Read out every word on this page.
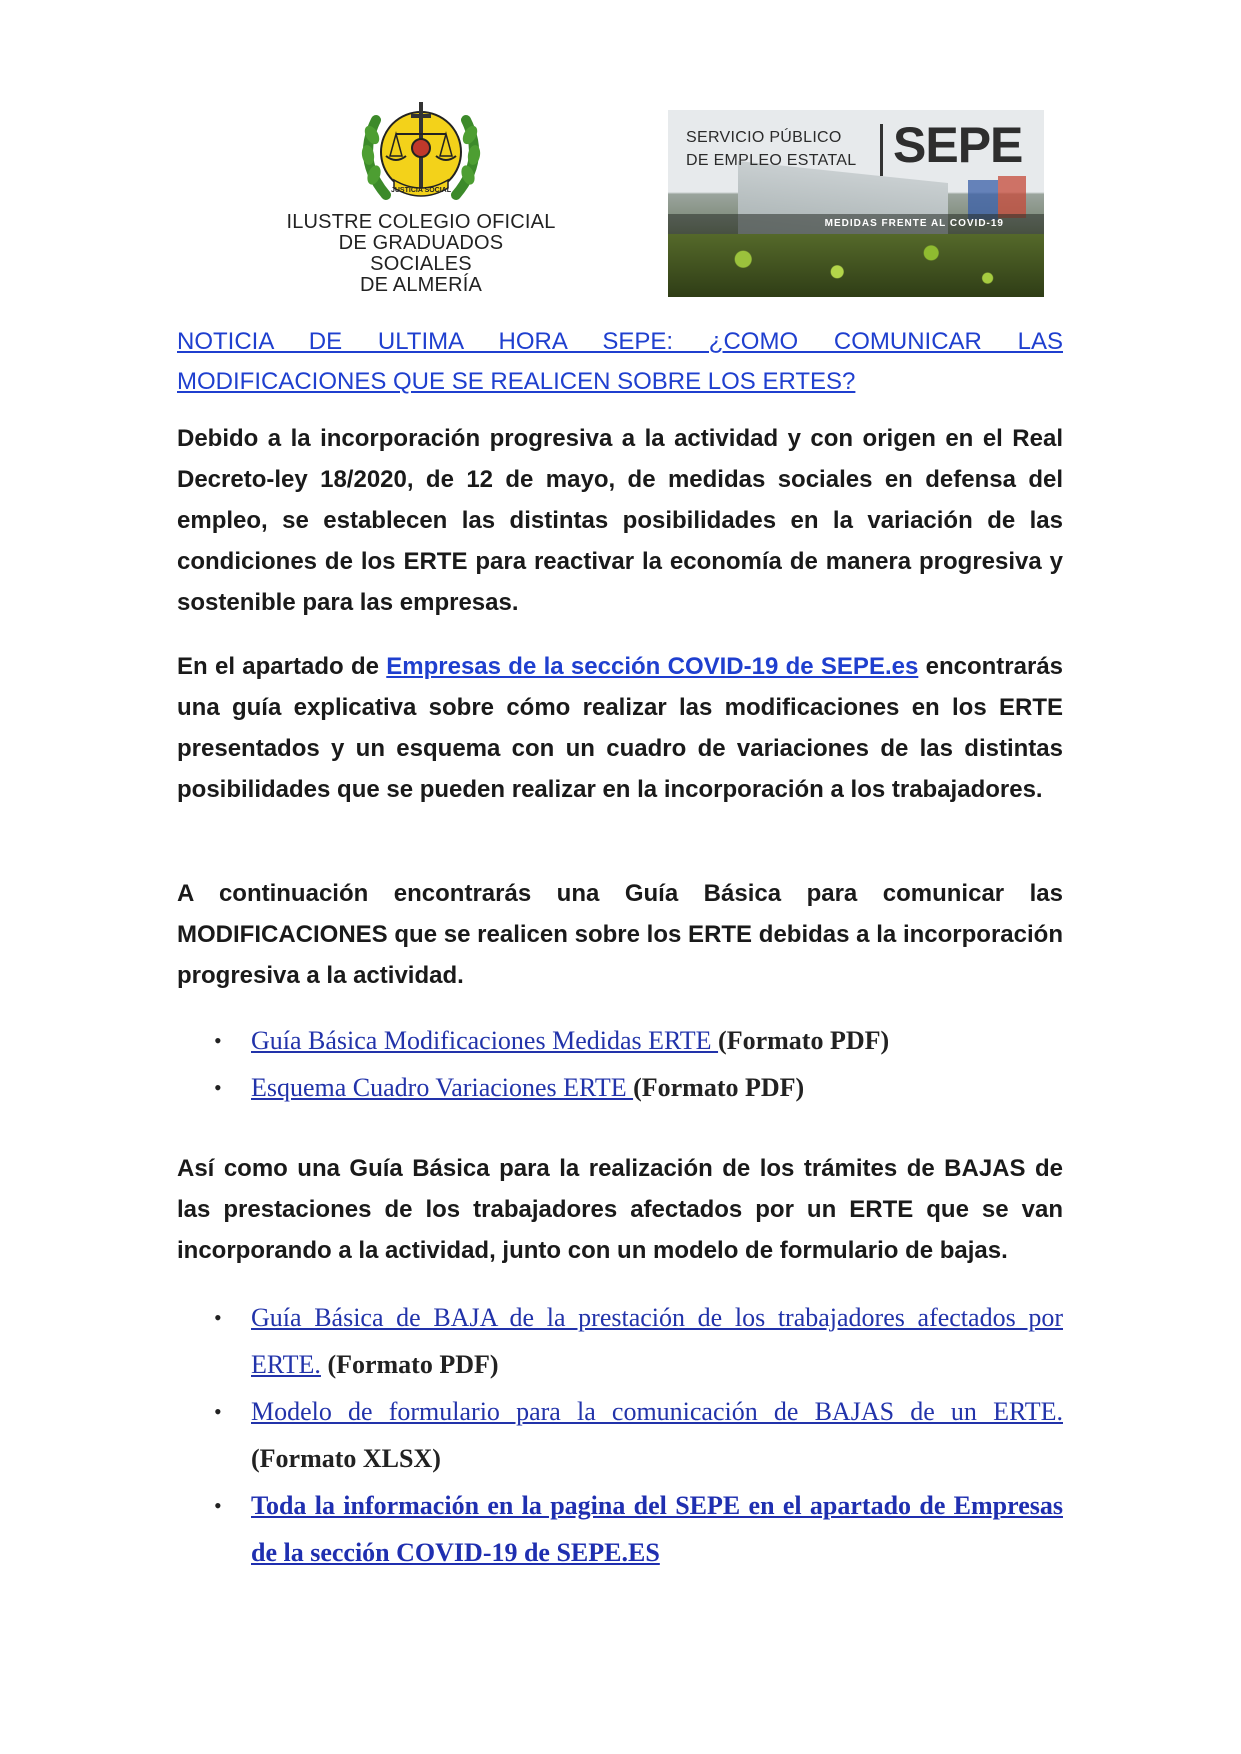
JUSTICIA SOCIAL
ILUSTRE COLEGIO OFICIAL
DE GRADUADOS SOCIALES
DE ALMERÍA
SERVICIO PÚBLICO
DE EMPLEO ESTATAL SEPE
MEDIDAS FRENTE AL COVID-19
NOTICIA DE ULTIMA HORA SEPE: ¿COMO COMUNICAR LAS MODIFICACIONES QUE SE REALICEN SOBRE LOS ERTES?

Debido a la incorporación progresiva a la actividad y con origen en el Real Decreto-ley 18/2020, de 12 de mayo, de medidas sociales en defensa del empleo, se establecen las distintas posibilidades en la variación de las condiciones de los ERTE para reactivar la economía de manera progresiva y sostenible para las empresas.

En el apartado de Empresas de la sección COVID-19 de SEPE.es encontrarás una guía explicativa sobre cómo realizar las modificaciones en los ERTE presentados y un esquema con un cuadro de variaciones de las distintas posibilidades que se pueden realizar en la incorporación a los trabajadores.

A continuación encontrarás una Guía Básica para comunicar las MODIFICACIONES que se realicen sobre los ERTE debidas a la incorporación progresiva a la actividad.

• Guía Básica Modificaciones Medidas ERTE (Formato PDF)
• Esquema Cuadro Variaciones ERTE (Formato PDF)

Así como una Guía Básica para la realización de los trámites de BAJAS de las prestaciones de los trabajadores afectados por un ERTE que se van incorporando a la actividad, junto con un modelo de formulario de bajas.

• Guía Básica de BAJA de la prestación de los trabajadores afectados por ERTE. (Formato PDF)
• Modelo de formulario para la comunicación de BAJAS de un ERTE. (Formato XLSX)
• Toda la información en la pagina del SEPE en el apartado de Empresas de la sección COVID-19 de SEPE.ES
